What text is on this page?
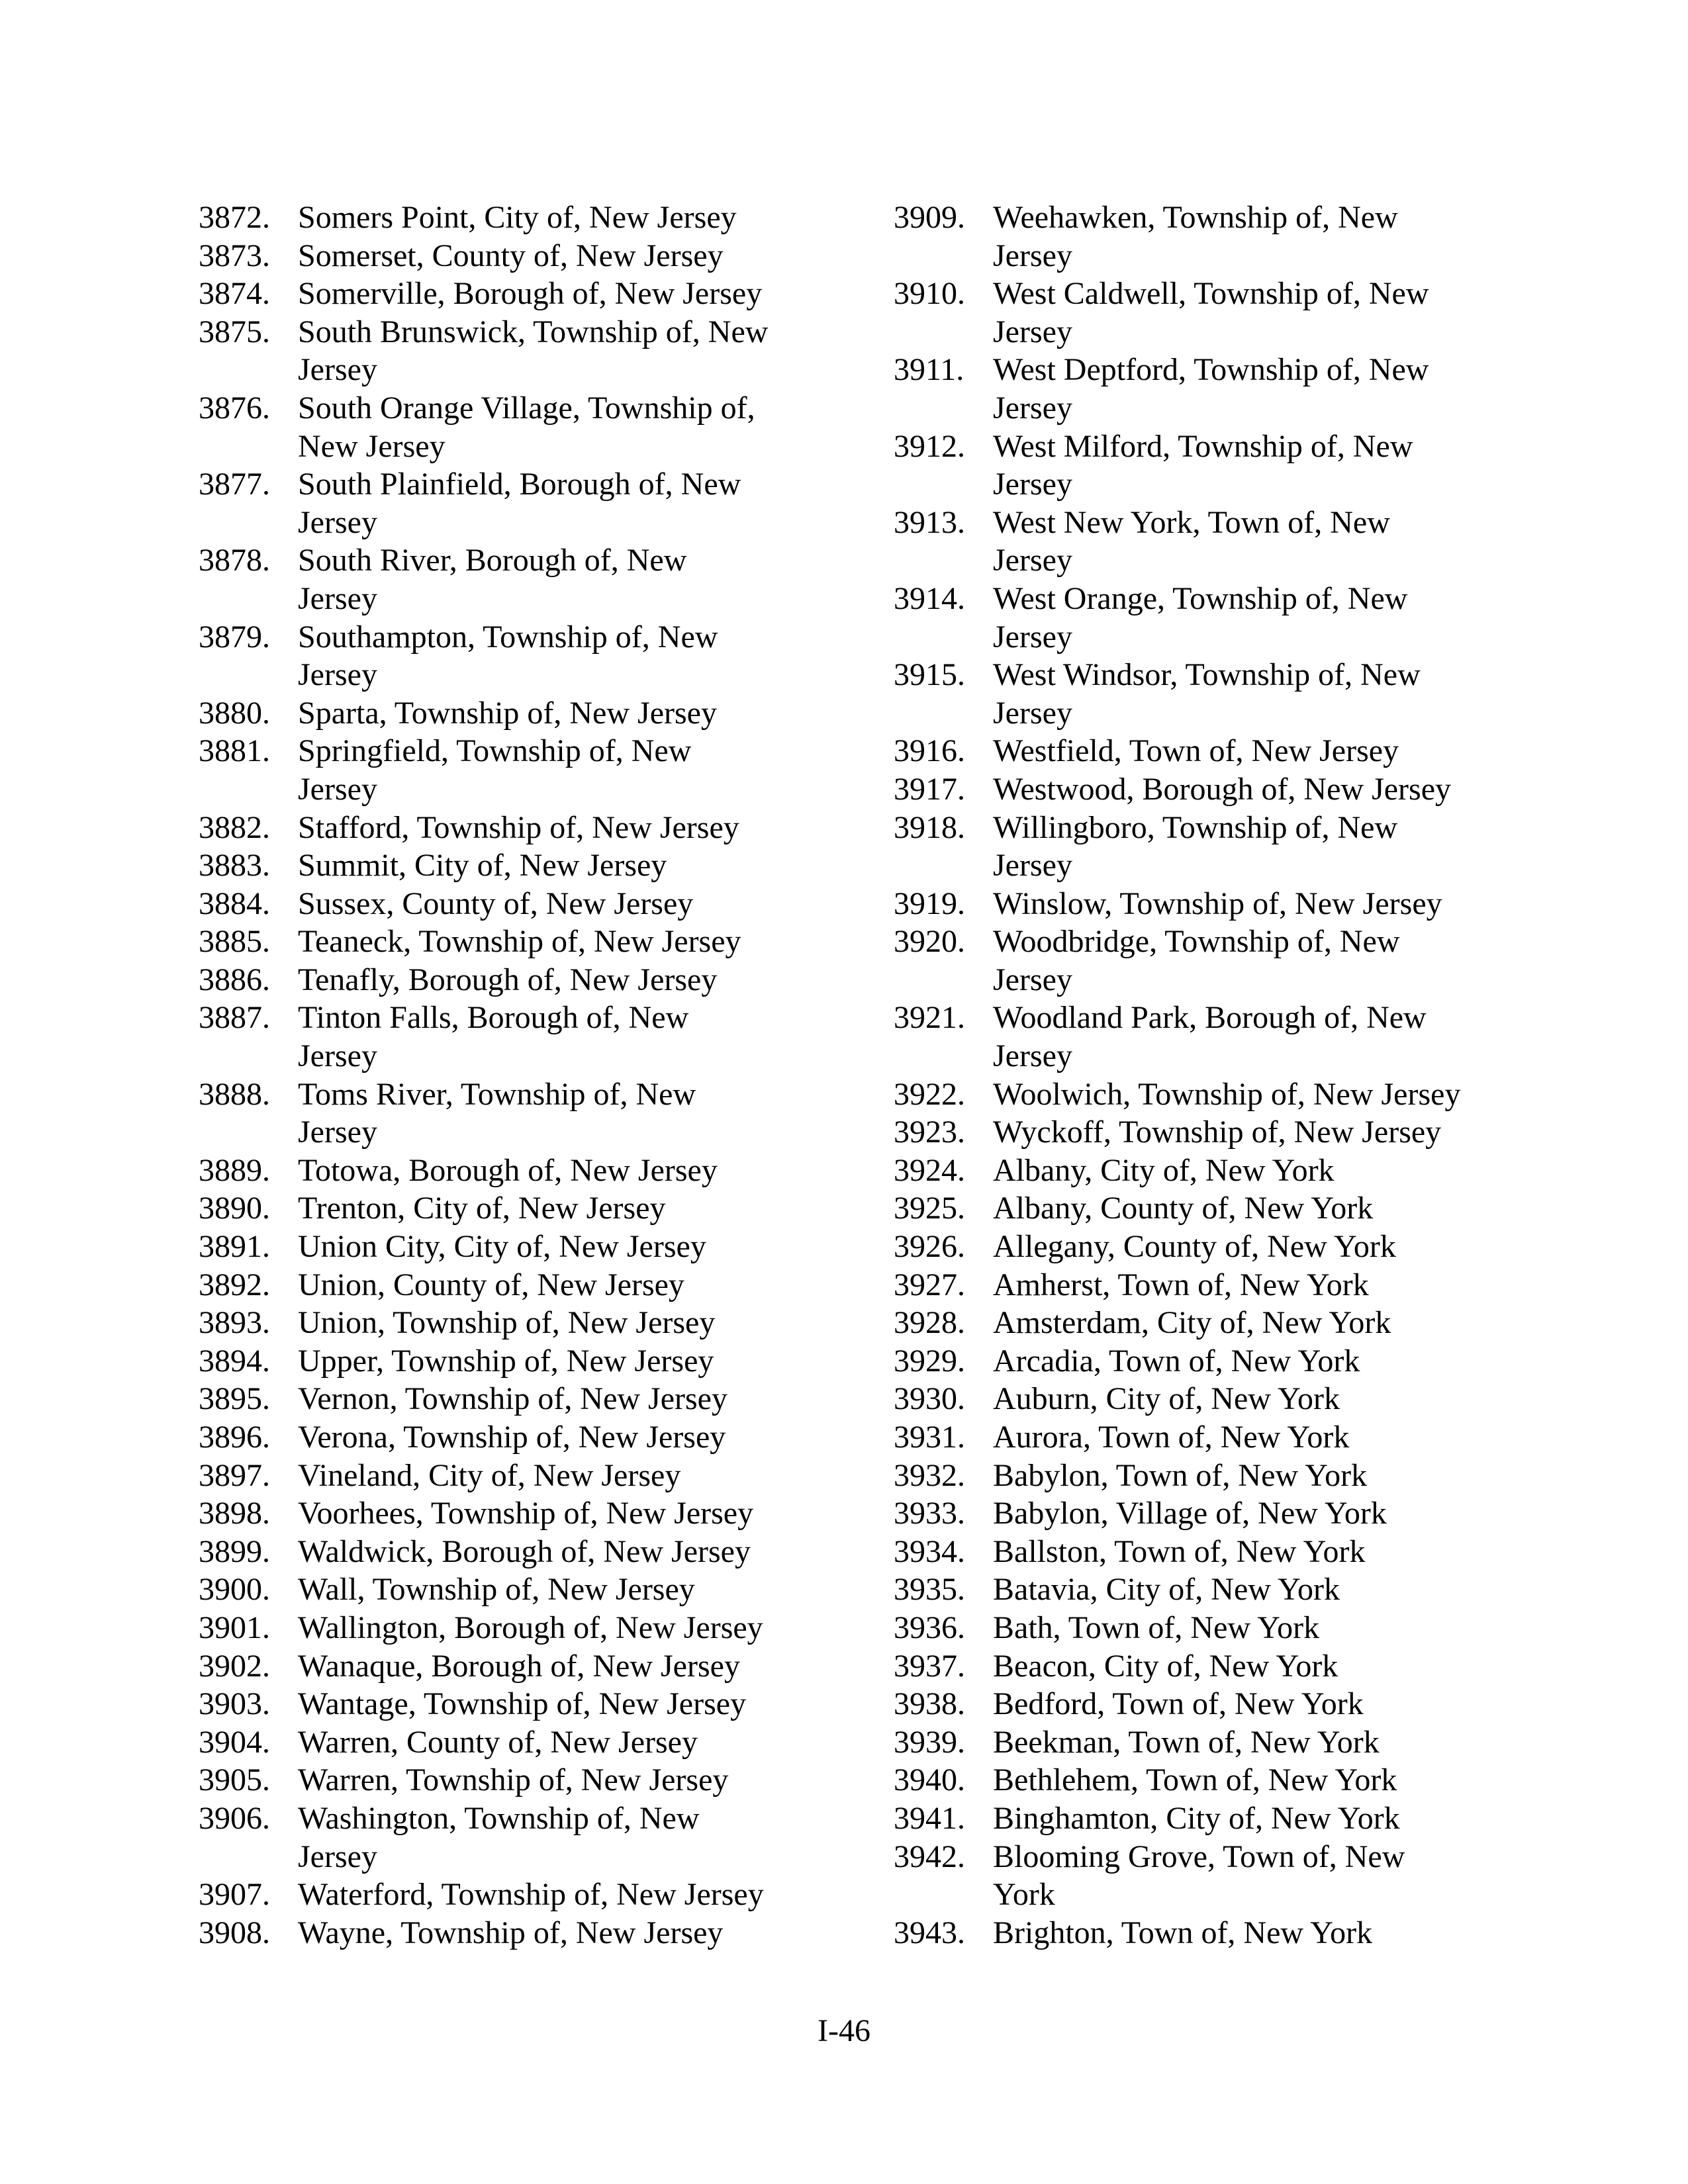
3872. Somers Point, City of, New Jersey
3873. Somerset, County of, New Jersey
3874. Somerville, Borough of, New Jersey
3875. South Brunswick, Township of, New
Jersey
3876. South Orange Village, Township of,
New Jersey
3877. South Plainfield, Borough of, New
Jersey
3878. South River, Borough of, New
Jersey
3879. Southampton, Township of, New
Jersey
3880. Sparta, Township of, New Jersey
3881. Springfield, Township of, New
Jersey
3882. Stafford, Township of, New Jersey
3883. Summit, City of, New Jersey
3884. Sussex, County of, New Jersey
3885. Teaneck, Township of, New Jersey
3886. Tenafly, Borough of, New Jersey
3887. Tinton Falls, Borough of, New
Jersey
3888. Toms River, Township of, New
Jersey
3889. Totowa, Borough of, New Jersey
3890. Trenton, City of, New Jersey
3891. Union City, City of, New Jersey
3892. Union, County of, New Jersey
3893. Union, Township of, New Jersey
3894. Upper, Township of, New Jersey
3895. Vernon, Township of, New Jersey
3896. Verona, Township of, New Jersey
3897. Vineland, City of, New Jersey
3898. Voorhees, Township of, New Jersey
3899. Waldwick, Borough of, New Jersey
3900. Wall, Township of, New Jersey
3901. Wallington, Borough of, New Jersey
3902. Wanaque, Borough of, New Jersey
3903. Wantage, Township of, New Jersey
3904. Warren, County of, New Jersey
3905. Warren, Township of, New Jersey
3906. Washington, Township of, New
Jersey
3907. Waterford, Township of, New Jersey
3908. Wayne, Township of, New Jersey
3909. Weehawken, Township of, New
Jersey
3910. West Caldwell, Township of, New
Jersey
3911. West Deptford, Township of, New
Jersey
3912. West Milford, Township of, New
Jersey
3913. West New York, Town of, New
Jersey
3914. West Orange, Township of, New
Jersey
3915. West Windsor, Township of, New
Jersey
3916. Westfield, Town of, New Jersey
3917. Westwood, Borough of, New Jersey
3918. Willingboro, Township of, New
Jersey
3919. Winslow, Township of, New Jersey
3920. Woodbridge, Township of, New
Jersey
3921. Woodland Park, Borough of, New
Jersey
3922. Woolwich, Township of, New Jersey
3923. Wyckoff, Township of, New Jersey
3924. Albany, City of, New York
3925. Albany, County of, New York
3926. Allegany, County of, New York
3927. Amherst, Town of, New York
3928. Amsterdam, City of, New York
3929. Arcadia, Town of, New York
3930. Auburn, City of, New York
3931. Aurora, Town of, New York
3932. Babylon, Town of, New York
3933. Babylon, Village of, New York
3934. Ballston, Town of, New York
3935. Batavia, City of, New York
3936. Bath, Town of, New York
3937. Beacon, City of, New York
3938. Bedford, Town of, New York
3939. Beekman, Town of, New York
3940. Bethlehem, Town of, New York
3941. Binghamton, City of, New York
3942. Blooming Grove, Town of, New
York
3943. Brighton, Town of, New York
I-46
